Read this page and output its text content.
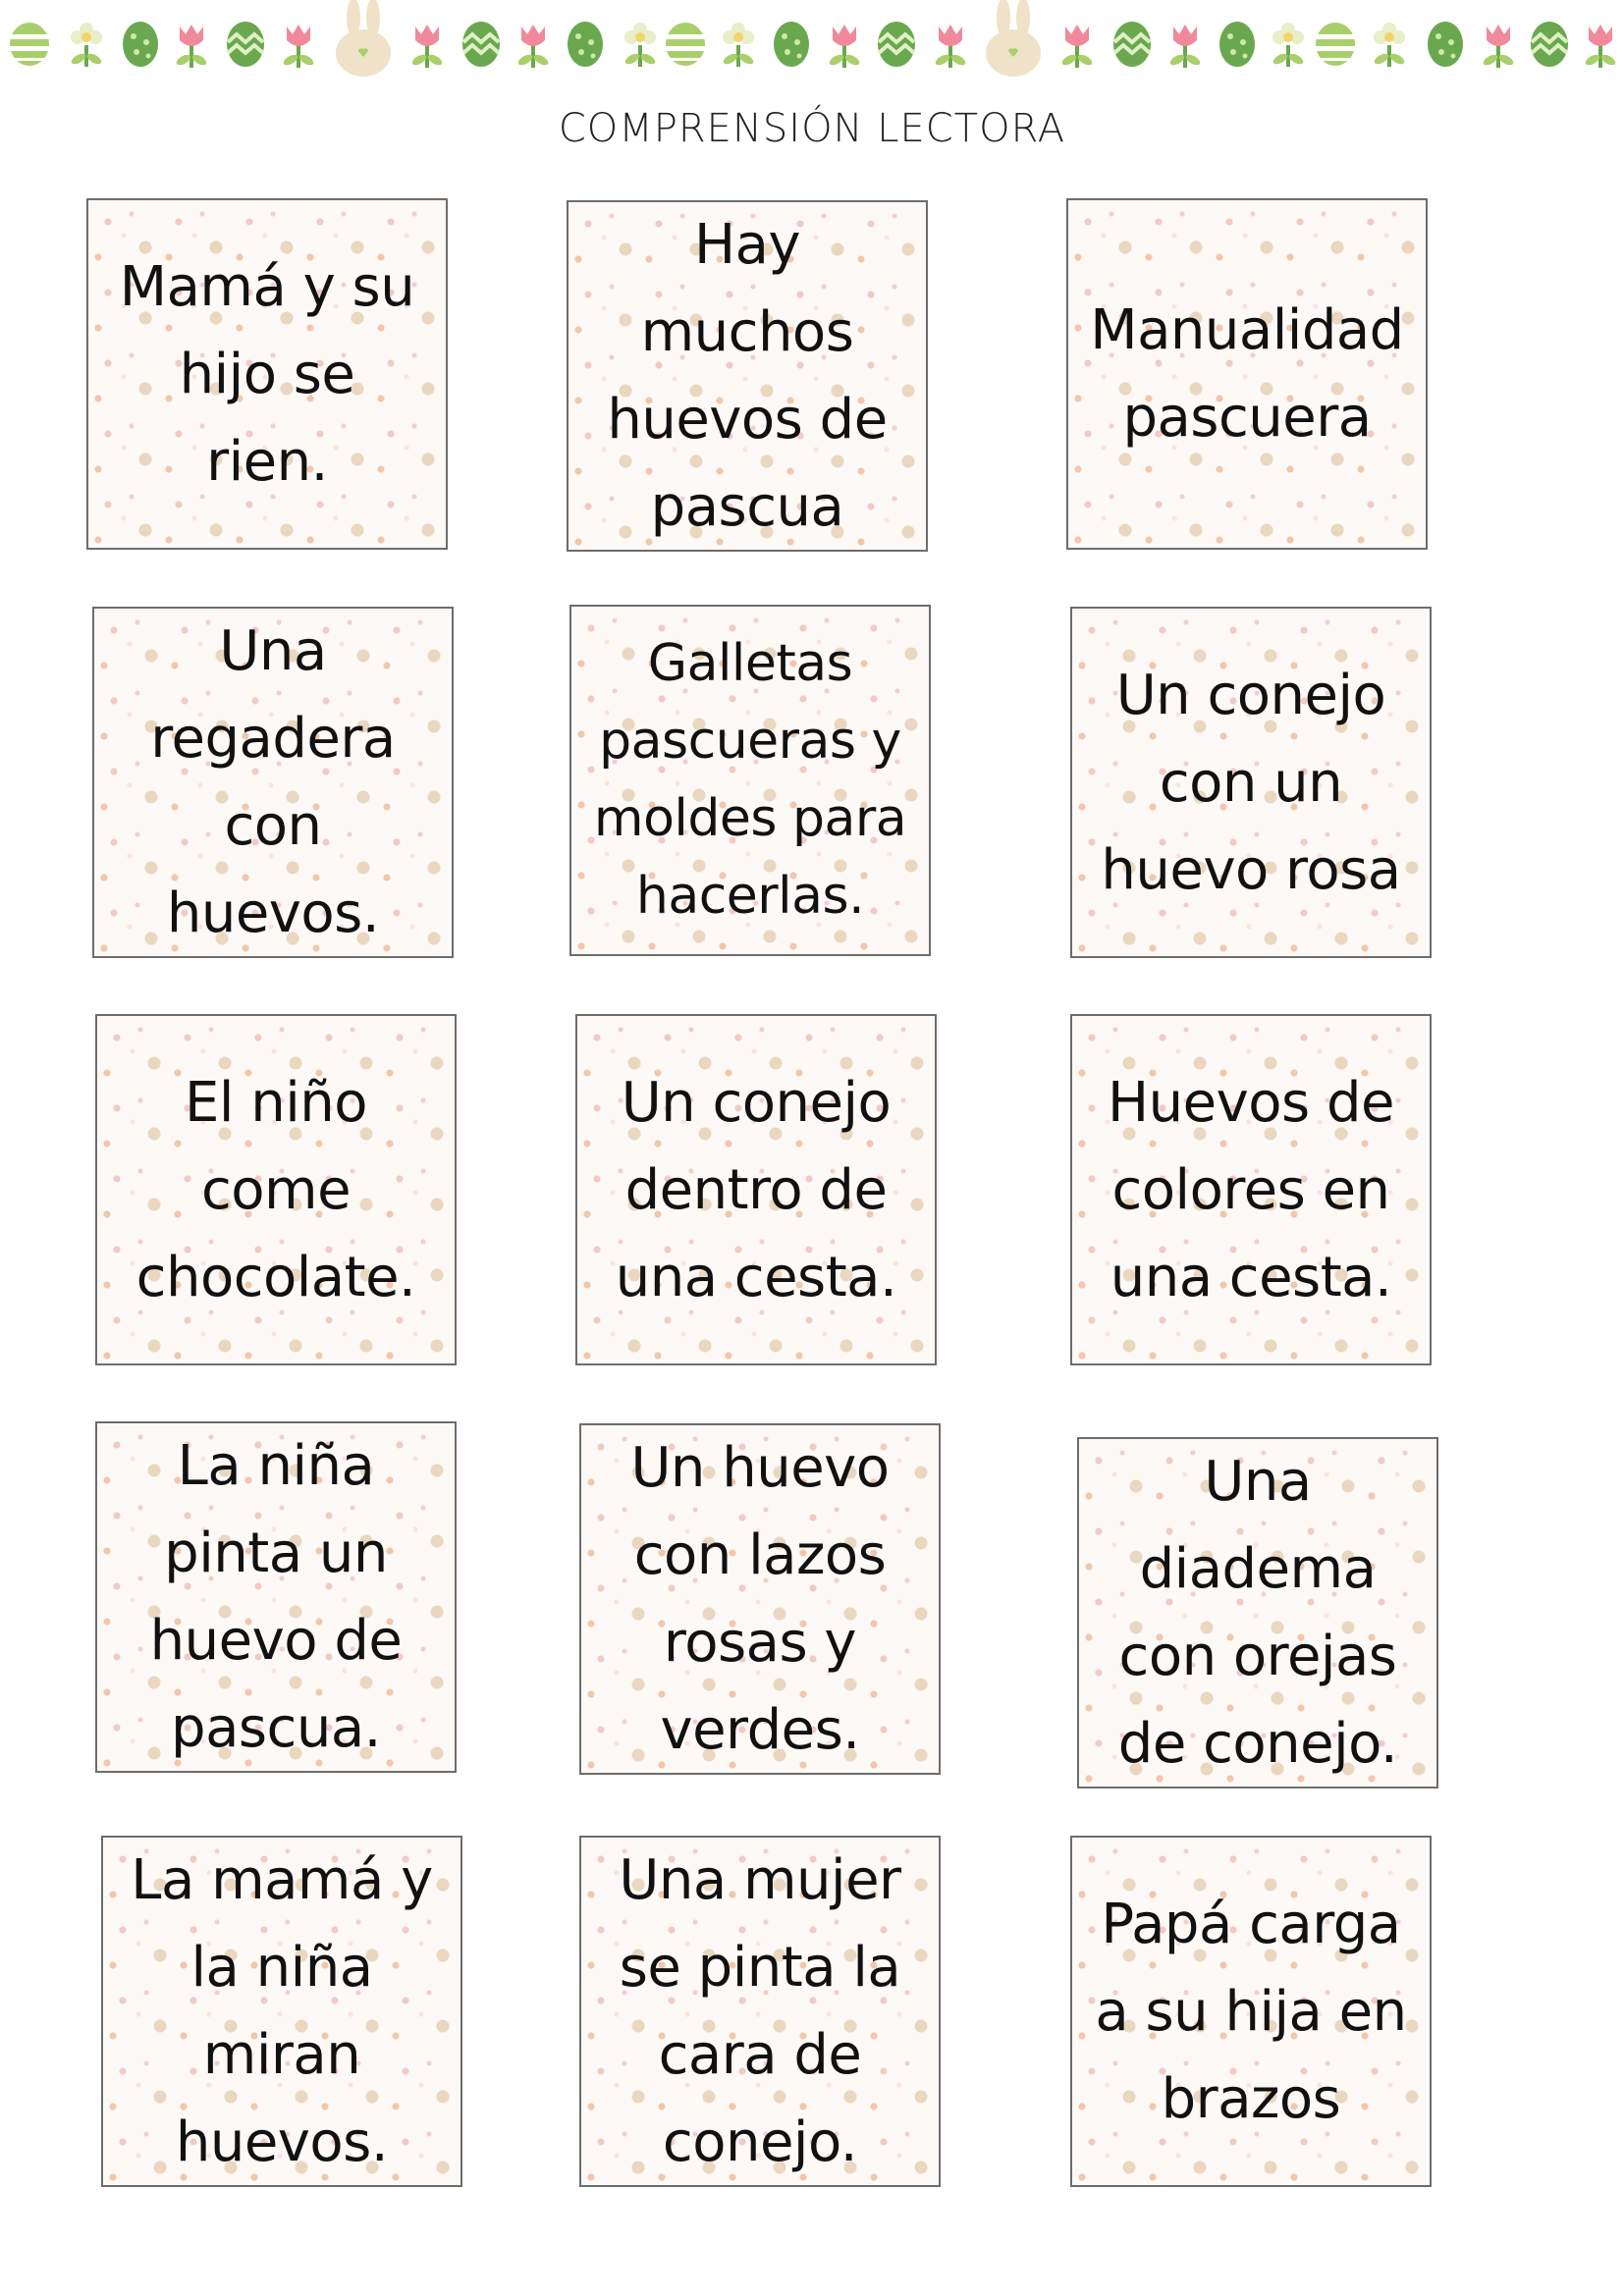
COMPRENSIÓN LECTORA
Mamá y su
hijo se
rien.
Hay
muchos
huevos de
pascua
Manualidad
pascuera
Una
regadera
con
huevos.
Galletas
pascueras y
moldes para
hacerlas.
Un conejo
con un
huevo rosa
El niño
come
chocolate.
Un conejo
dentro de
una cesta.
Huevos de
colores en
una cesta.
La niña
pinta un
huevo de
pascua.
Un huevo
con lazos
rosas y
verdes.
Una
diadema
con orejas
de conejo.
La mamá y
la niña
miran
huevos.
Una mujer
se pinta la
cara de
conejo.
Papá carga
a su hija en
brazos
